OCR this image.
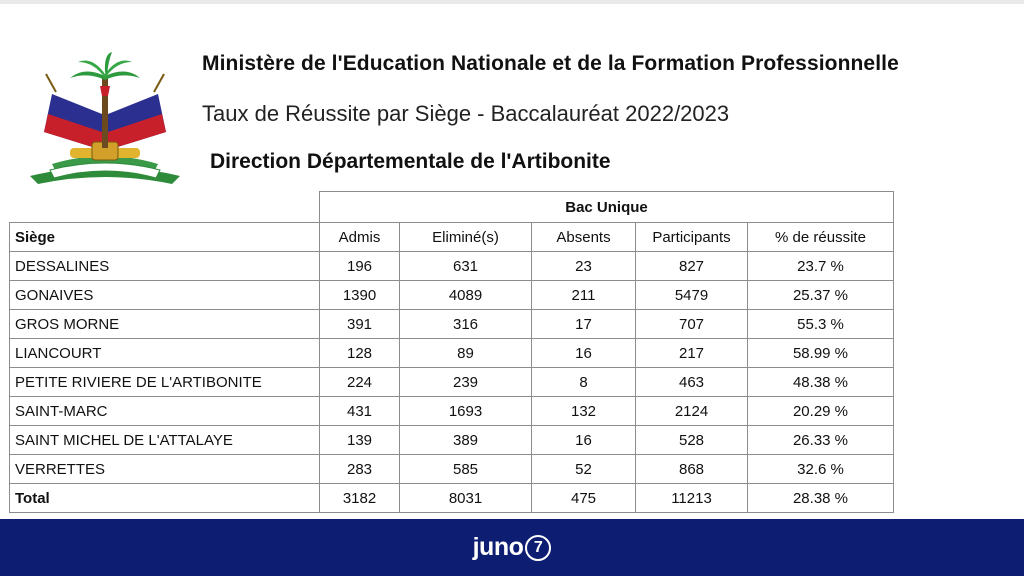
Ministère de l'Education Nationale et de la Formation Professionnelle
Taux de Réussite par Siège - Baccalauréat 2022/2023
Direction Départementale de l'Artibonite
	Bac Unique				
Siège	Admis	Eliminé(s)	Absents	Participants	% de réussite
DESSALINES	196	631	23	827	23.7 %
GONAIVES	1390	4089	211	5479	25.37 %
GROS MORNE	391	316	17	707	55.3 %
LIANCOURT	128	89	16	217	58.99 %
PETITE RIVIERE DE L'ARTIBONITE	224	239	8	463	48.38 %
SAINT-MARC	431	1693	132	2124	20.29 %
SAINT MICHEL DE L'ATTALAYE	139	389	16	528	26.33 %
VERRETTES	283	585	52	868	32.6 %
Total	3182	8031	475	11213	28.38 %
juno 7
